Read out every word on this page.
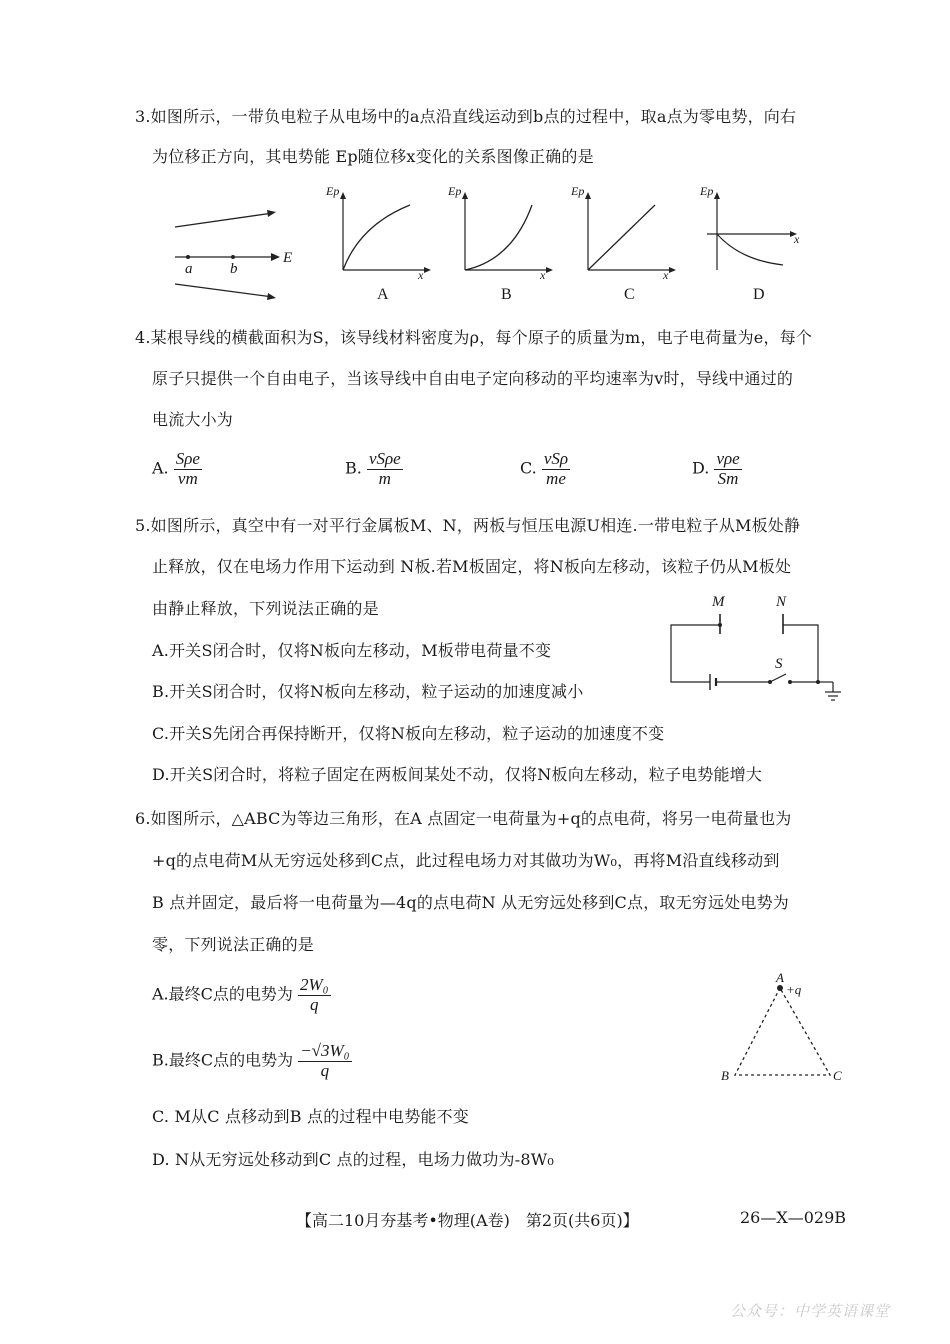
3.如图所示，一带负电粒子从电场中的a点沿直线运动到b点的过程中，取a点为零电势，向右
为位移正方向，其电势能 Ep随位移x变化的关系图像正确的是
a	b
E
Ep
x
Ep
x
Ep
x
Ep
x
A	B	C	D
4.某根导线的横截面积为S，该导线材料密度为ρ，每个原子的质量为m，电子电荷量为e，每个
原子只提供一个自由电子，当该导线中自由电子定向移动的平均速率为v时，导线中通过的
电流大小为
A. $\frac{\text{Sρe}}{vm}$	B. $\frac{\text{vSρe}}{m}$	C. $\frac{\text{vSρ}}{me}$	D. $\frac{\text{vρe}}{Sm}$
5.如图所示，真空中有一对平行金属板M、N，两板与恒压电源U相连.一带电粒子从M板处静
止释放，仅在电场力作用下运动到 N板.若M板固定，将N板向左移动，该粒子仍从M板处
由静止释放，下列说法正确的是
A.开关S闭合时，仅将N板向左移动，M板带电荷量不变
B.开关S闭合时，仅将N板向左移动，粒子运动的加速度减小
C.开关S先闭合再保持断开，仅将N板向左移动，粒子运动的加速度不变
D.开关S闭合时，将粒子固定在两板间某处不动，仅将N板向左移动，粒子电势能增大
M	N
S
6.如图所示，△ABC为等边三角形，在A 点固定一电荷量为+q的点电荷，将另一电荷量也为
+q的点电荷M从无穷远处移到C点，此过程电场力对其做功为W₀，再将M沿直线移动到
B 点并固定，最后将一电荷量为—4q的点电荷N 从无穷远处移到C点，取无穷远处电势为
零，下列说法正确的是
A.最终C点的电势为 $\frac{\text{2W₀}}{q}$
B.最终C点的电势为 $\frac{\text{−√3W₀}}{q}$
C. M从C 点移动到B 点的过程中电势能不变
D. N从无穷远处移动到C 点的过程，电场力做功为-8W₀
A
+q
B	C
【高二10月夯基考•物理(A卷)　第2页(共6页)】	26—X—029B
公众号：中学英语课堂
